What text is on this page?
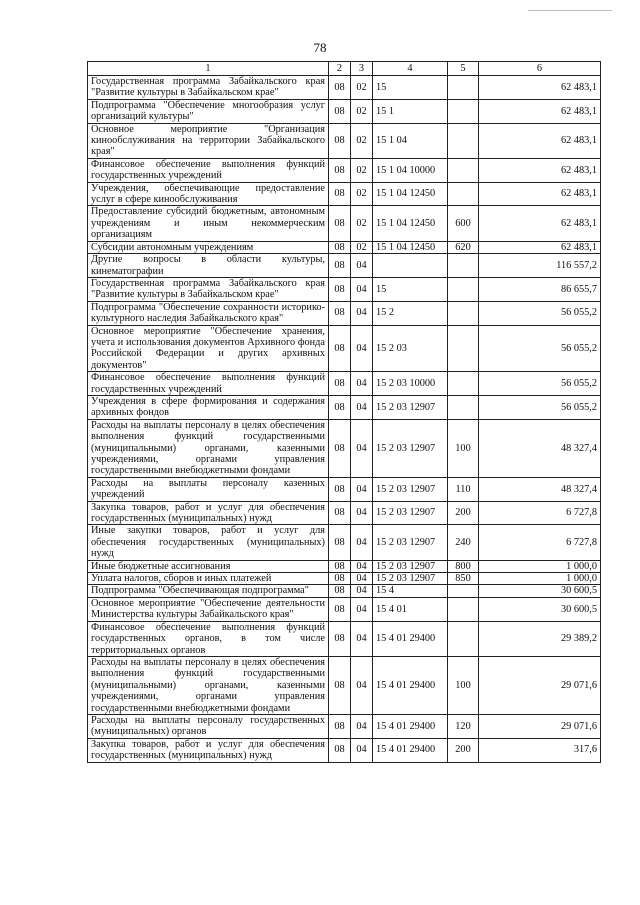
78
1	2	3	4	5	6
Государственная программа Забайкальского края "Развитие культуры в Забайкальском крае"	08	02	15		62 483,1
Подпрограмма "Обеспечение многообразия услуг организаций культуры"	08	02	15 1		62 483,1
Основное мероприятие "Организация кинообслуживания на территории Забайкальского края"	08	02	15 1 04		62 483,1
Финансовое обеспечение выполнения функций государственных учреждений	08	02	15 1 04 10000		62 483,1
Учреждения, обеспечивающие предоставление услуг в сфере кинообслуживания	08	02	15 1 04 12450		62 483,1
Предоставление субсидий бюджетным, автономным учреждениям и иным некоммерческим организациям	08	02	15 1 04 12450	600	62 483,1
Субсидии автономным учреждениям	08	02	15 1 04 12450	620	62 483,1
Другие вопросы в области культуры, кинематографии	08	04			116 557,2
Государственная программа Забайкальского края "Развитие культуры в Забайкальском крае"	08	04	15		86 655,7
Подпрограмма "Обеспечение сохранности историко-культурного наследия Забайкальского края"	08	04	15 2		56 055,2
Основное мероприятие "Обеспечение хранения, учета и использования документов Архивного фонда Российской Федерации и других архивных документов"	08	04	15 2 03		56 055,2
Финансовое обеспечение выполнения функций государственных учреждений	08	04	15 2 03 10000		56 055,2
Учреждения в сфере формирования и содержания архивных фондов	08	04	15 2 03 12907		56 055,2
Расходы на выплаты персоналу в целях обеспечения выполнения функций государственными (муниципальными) органами, казенными учреждениями, органами управления государственными внебюджетными фондами	08	04	15 2 03 12907	100	48 327,4
Расходы на выплаты персоналу казенных учреждений	08	04	15 2 03 12907	110	48 327,4
Закупка товаров, работ и услуг для обеспечения государственных (муниципальных) нужд	08	04	15 2 03 12907	200	6 727,8
Иные закупки товаров, работ и услуг для обеспечения государственных (муниципальных) нужд	08	04	15 2 03 12907	240	6 727,8
Иные бюджетные ассигнования	08	04	15 2 03 12907	800	1 000,0
Уплата налогов, сборов и иных платежей	08	04	15 2 03 12907	850	1 000,0
Подпрограмма "Обеспечивающая подпрограмма"	08	04	15 4		30 600,5
Основное мероприятие "Обеспечение деятельности Министерства культуры Забайкальского края"	08	04	15 4 01		30 600,5
Финансовое обеспечение выполнения функций государственных органов, в том числе территориальных органов	08	04	15 4 01 29400		29 389,2
Расходы на выплаты персоналу в целях обеспечения выполнения функций государственными (муниципальными) органами, казенными учреждениями, органами управления государственными внебюджетными фондами	08	04	15 4 01 29400	100	29 071,6
Расходы на выплаты персоналу государственных (муниципальных) органов	08	04	15 4 01 29400	120	29 071,6
Закупка товаров, работ и услуг для обеспечения государственных (муниципальных) нужд	08	04	15 4 01 29400	200	317,6
